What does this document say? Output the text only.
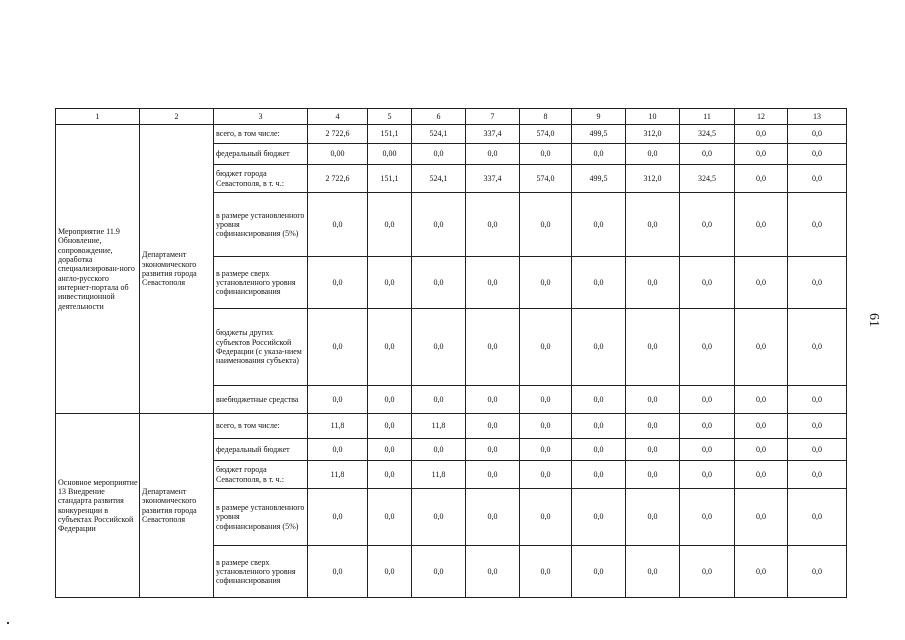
1	2	3	4	5	6	7	8	9	10	11	12	13
Мероприятие 11.9 Обновление, сопровождение, доработка специализирован-ного англо-русского интернет-портала об инвестиционной деятельности	Департамент экономического развития города Севастополя	всего, в том числе:	2 722,6	151,1	524,1	337,4	574,0	499,5	312,0	324,5	0,0	0,0
		федеральный бюджет	0,00	0,00	0,0	0,0	0,0	0,0	0,0	0,0	0,0	0,0
		бюджет города Севастополя, в т. ч.:	2 722,6	151,1	524,1	337,4	574,0	499,5	312,0	324,5	0,0	0,0
		в размере установленного уровня софинансирования (5%)	0,0	0,0	0,0	0,0	0,0	0,0	0,0	0,0	0,0	0,0
		в размере сверх установленного уровня софинансирования	0,0	0,0	0,0	0,0	0,0	0,0	0,0	0,0	0,0	0,0
		бюджеты других субъектов Российской Федерации (с указа-нием наименования субъекта)	0,0	0,0	0,0	0,0	0,0	0,0	0,0	0,0	0,0	0,0
		внебюджетные средства	0,0	0,0	0,0	0,0	0,0	0,0	0,0	0,0	0,0	0,0
Основное мероприятие 13 Внедрение стандарта развития конкуренции в субъектах Российской Федерации	Департамент экономического развития города Севастополя	всего, в том числе:	11,8	0,0	11,8	0,0	0,0	0,0	0,0	0,0	0,0	0,0
		федеральный бюджет	0,0	0,0	0,0	0,0	0,0	0,0	0,0	0,0	0,0	0,0
		бюджет города Севастополя, в т. ч.:	11,8	0,0	11,8	0,0	0,0	0,0	0,0	0,0	0,0	0,0
		в размере установленного уровня софинансирования (5%)	0,0	0,0	0,0	0,0	0,0	0,0	0,0	0,0	0,0	0,0
		в размере сверх установленного уровня софинансирования	0,0	0,0	0,0	0,0	0,0	0,0	0,0	0,0	0,0	0,0
61
